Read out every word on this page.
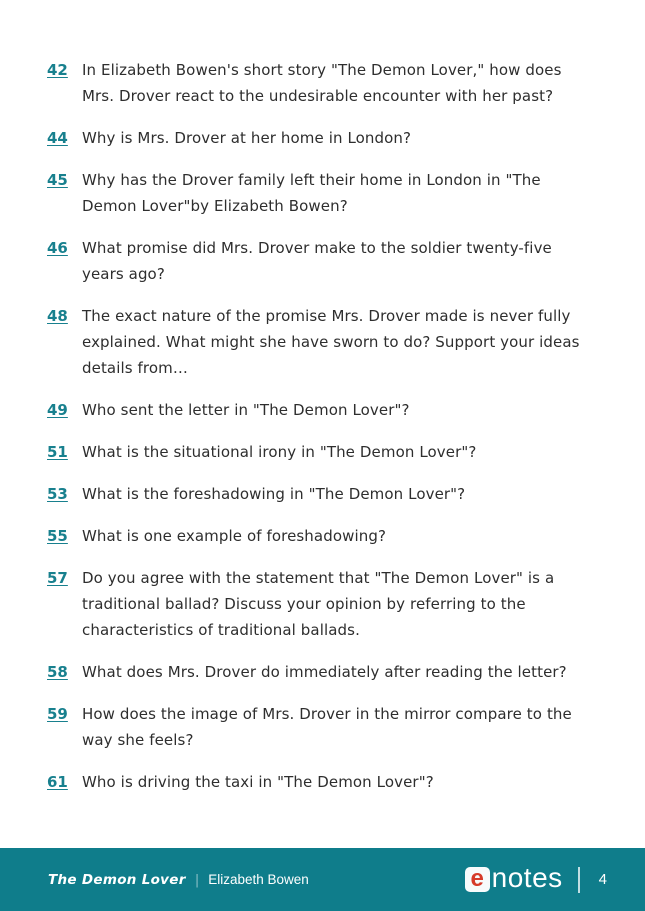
42 In Elizabeth Bowen's short story "The Demon Lover," how does Mrs. Drover react to the undesirable encounter with her past?
44 Why is Mrs. Drover at her home in London?
45 Why has the Drover family left their home in London in "The Demon Lover"by Elizabeth Bowen?
46 What promise did Mrs. Drover make to the soldier twenty-five years ago?
48 The exact nature of the promise Mrs. Drover made is never fully explained. What might she have sworn to do? Support your ideas details from…
49 Who sent the letter in "The Demon Lover"?
51 What is the situational irony in "The Demon Lover"?
53 What is the foreshadowing in "The Demon Lover"?
55 What is one example of foreshadowing?
57 Do you agree with the statement that "The Demon Lover" is a traditional ballad? Discuss your opinion by referring to the characteristics of traditional ballads.
58 What does Mrs. Drover do immediately after reading the letter?
59 How does the image of Mrs. Drover in the mirror compare to the way she feels?
61 Who is driving the taxi in "The Demon Lover"?
The Demon Lover | Elizabeth Bowen	e notes 4
